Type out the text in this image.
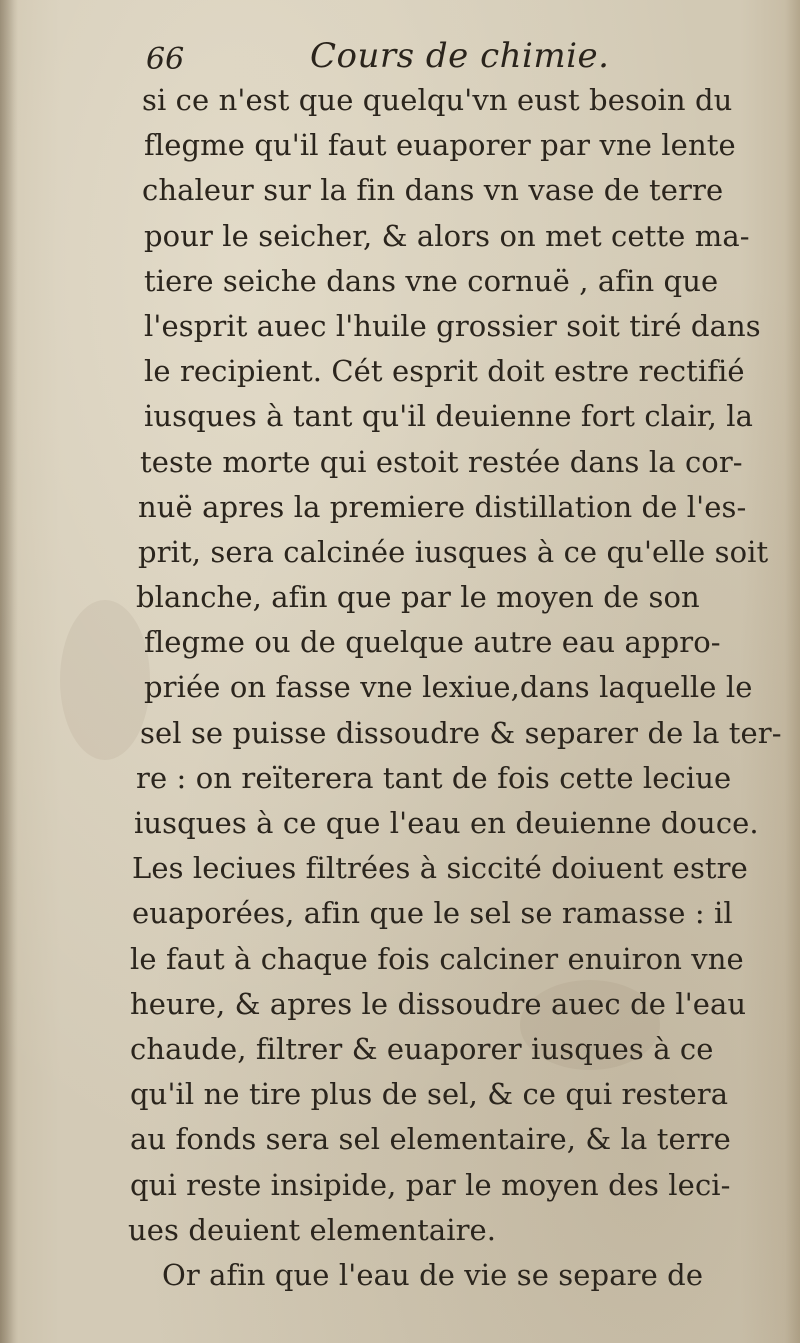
66	Cours de chimie.
si ce n'est que quelqu'vn eust besoin du
flegme qu'il faut euaporer par vne lente
chaleur sur la fin dans vn vase de terre
pour le seicher, & alors on met cette ma-
tiere seiche dans vne cornuë , afin que
l'esprit auec l'huile grossier soit tiré dans
le recipient. Cét esprit doit estre rectifié
iusques à tant qu'il deuienne fort clair, la
teste morte qui estoit restée dans la cor-
nuë apres la premiere distillation de l'es-
prit, sera calcinée iusques à ce qu'elle soit
blanche, afin que par le moyen de son
flegme ou de quelque autre eau appro-
priée on fasse vne lexiue,dans laquelle le
sel se puisse dissoudre & separer de la ter-
re : on reïterera tant de fois cette leciue
iusques à ce que l'eau en deuienne douce.
Les leciues filtrées à siccité doiuent estre
euaporées, afin que le sel se ramasse : il
le faut à chaque fois calciner enuiron vne
heure, & apres le dissoudre auec de l'eau
chaude, filtrer & euaporer iusques à ce
qu'il ne tire plus de sel, & ce qui restera
au fonds sera sel elementaire, & la terre
qui reste insipide, par le moyen des leci-
ues deuient elementaire.
Or afin que l'eau de vie se separe de
